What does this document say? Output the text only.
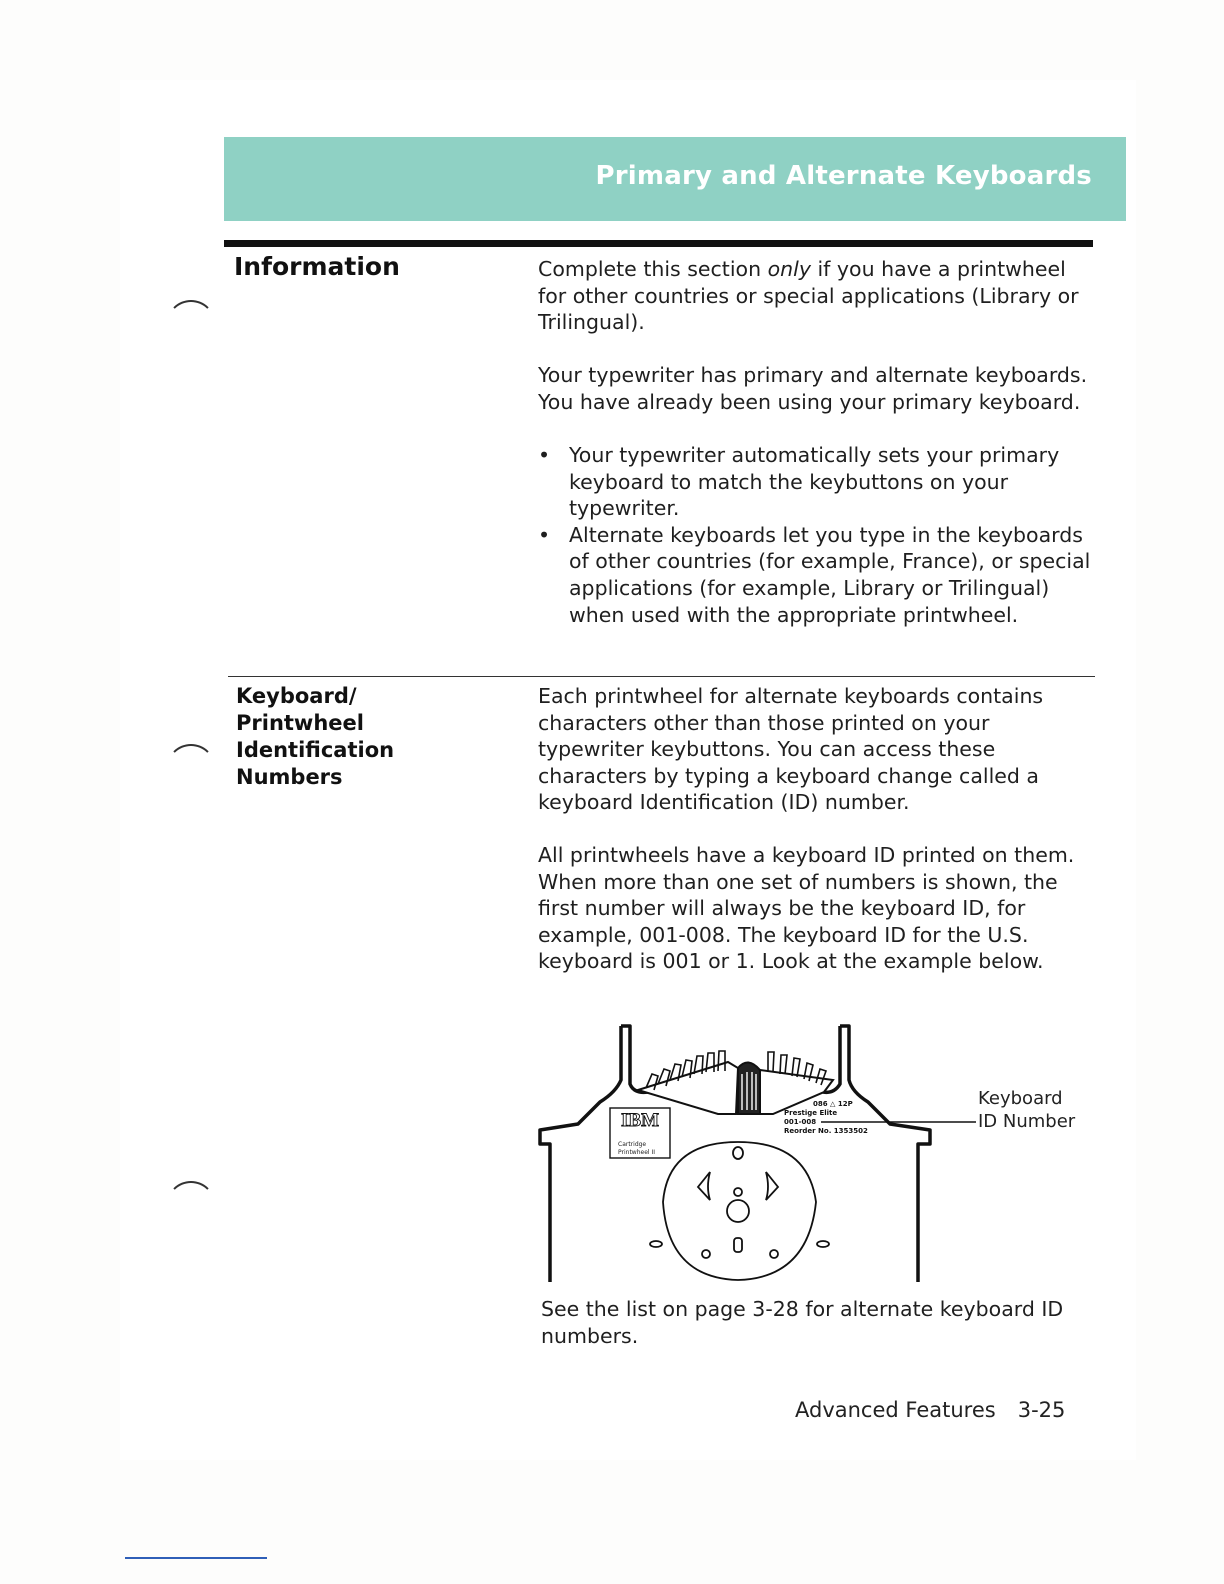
Primary and Alternate Keyboards
Information	Complete this section only if you have a printwheel for other countries or special applications (Library or Trilingual).

Your typewriter has primary and alternate keyboards. You have already been using your primary keyboard.

• Your typewriter automatically sets your primary keyboard to match the keybuttons on your typewriter.
• Alternate keyboards let you type in the keyboards of other countries (for example, France), or special applications (for example, Library or Trilingual) when used with the appropriate printwheel.
Keyboard/
Printwheel
Identification
Numbers

Each printwheel for alternate keyboards contains characters other than those printed on your typewriter keybuttons. You can access these characters by typing a keyboard change called a keyboard Identification (ID) number.

All printwheels have a keyboard ID printed on them. When more than one set of numbers is shown, the first number will always be the keyboard ID, for example, 001-008. The keyboard ID for the U.S. keyboard is 001 or 1. Look at the example below.

IBM
Cartridge
Printwheel II
086 △ 12P
Prestige Elite
001-008
Reorder No. 1353502
Keyboard
ID Number

See the list on page 3-28 for alternate keyboard ID numbers.

Advanced Features 3-25
